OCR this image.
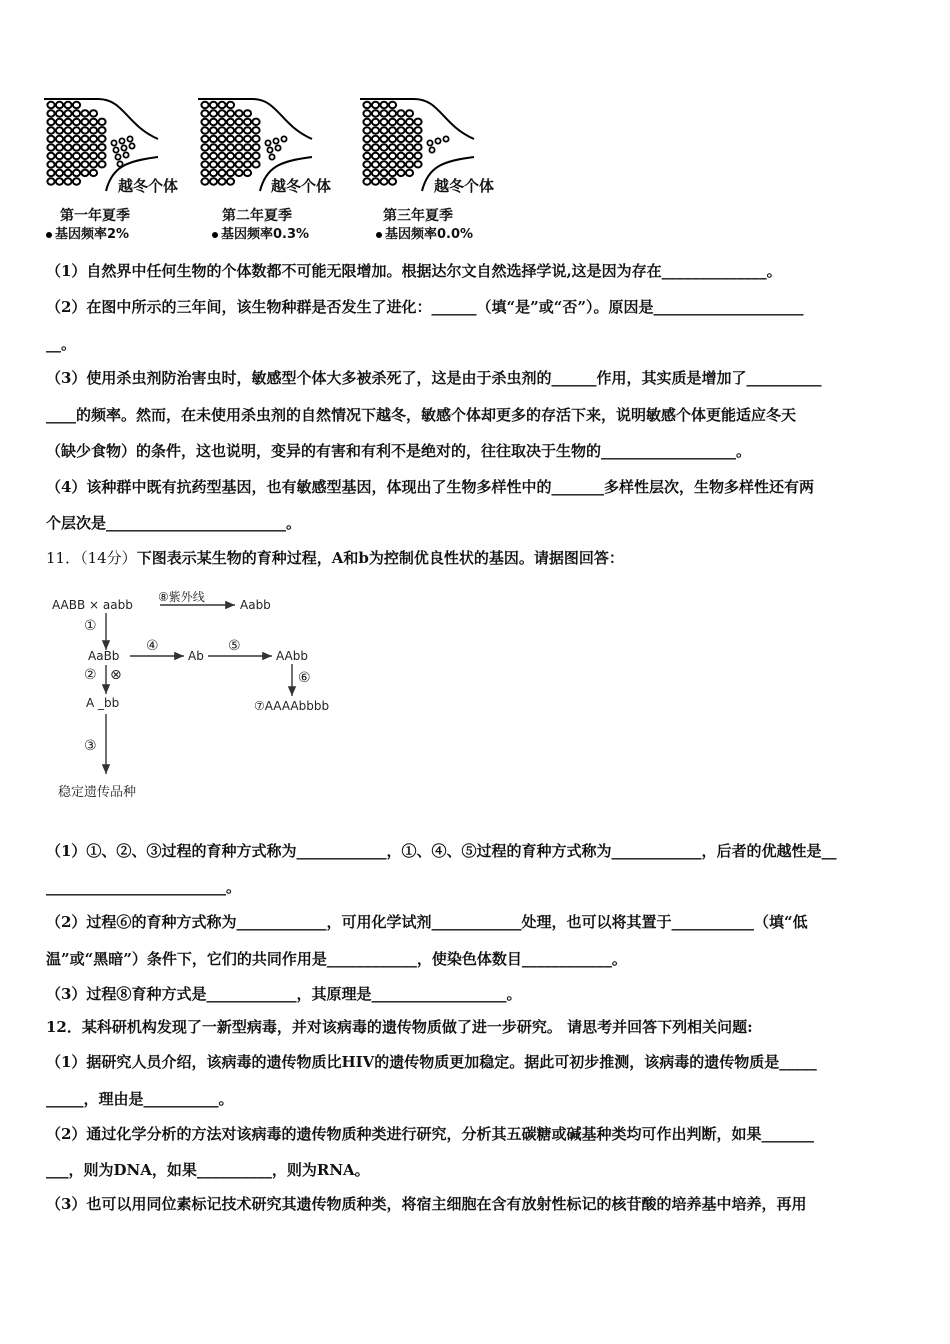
越冬个体	越冬个体	越冬个体
第一年夏季	第二年夏季	第三年夏季
基因频率2%	基因频率0.3%	基因频率0.0%
（1）自然界中任何生物的个体数都不可能无限增加。根据达尔文自然选择学说,这是因为存在______________。
（2）在图中所示的三年间，该生物种群是否发生了进化：______（填“是”或“否”）。原因是____________________
__。
（3）使用杀虫剂防治害虫时，敏感型个体大多被杀死了，这是由于杀虫剂的______作用，其实质是增加了__________
____的频率。然而，在未使用杀虫剂的自然情况下越冬，敏感个体却更多的存活下来，说明敏感个体更能适应冬天
（缺少食物）的条件，这也说明，变异的有害和有利不是绝对的，往往取决于生物的__________________。
（4）该种群中既有抗药型基因，也有敏感型基因，体现出了生物多样性中的_______多样性层次，生物多样性还有两
个层次是________________________。
11．（14分）下图表示某生物的育种过程，A和b为控制优良性状的基因。请据图回答：
AABB × aabb
⑧紫外线
Aabb
①
AaBb
④
Ab
⑤
AAbb
② ⊗	⑥
A _bb	⑦AAAAbbbb
③
稳定遗传品种
（1）①、②、③过程的育种方式称为____________，①、④、⑤过程的育种方式称为____________，后者的优越性是__
________________________。
（2）过程⑥的育种方式称为____________，可用化学试剂____________处理，也可以将其置于___________（填“低
温”或“黑暗”）条件下，它们的共同作用是____________，使染色体数目____________。
（3）过程⑧育种方式是____________，其原理是__________________。
12．某科研机构发现了一新型病毒，并对该病毒的遗传物质做了进一步研究。 请思考并回答下列相关问题:
（1）据研究人员介绍，该病毒的遗传物质比HIV的遗传物质更加稳定。据此可初步推测，该病毒的遗传物质是_____
_____，理由是__________。
（2）通过化学分析的方法对该病毒的遗传物质种类进行研究，分析其五碳糖或碱基种类均可作出判断，如果_______
___，则为DNA，如果__________，则为RNA。
（3）也可以用同位素标记技术研究其遗传物质种类，将宿主细胞在含有放射性标记的核苷酸的培养基中培养，再用
